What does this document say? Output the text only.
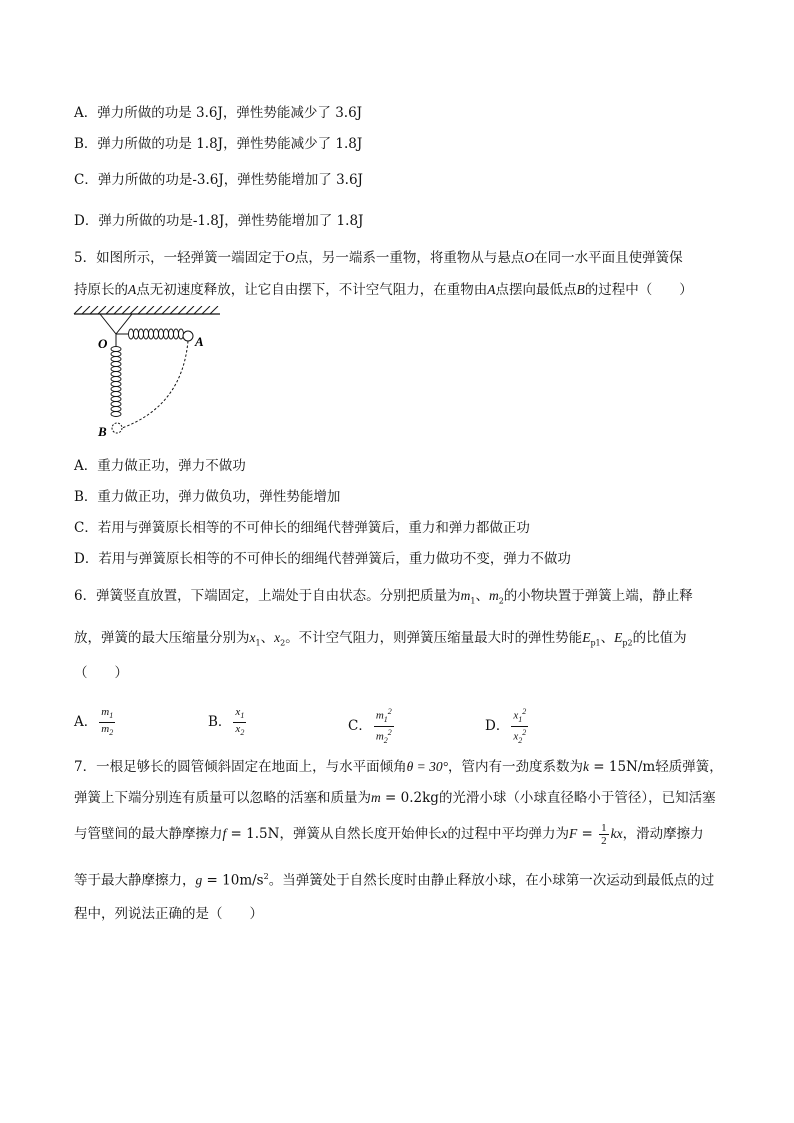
A．弹力所做的功是 3.6J，弹性势能减少了 3.6J
B．弹力所做的功是 1.8J，弹性势能减少了 1.8J
C．弹力所做的功是-3.6J，弹性势能增加了 3.6J
D．弹力所做的功是-1.8J，弹性势能增加了 1.8J
5．如图所示，一轻弹簧一端固定于O点，另一端系一重物，将重物从与悬点O在同一水平面且使弹簧保
持原长的A点无初速度释放，让它自由摆下，不计空气阻力，在重物由A点摆向最低点B的过程中（　　）
O	A
B
A．重力做正功，弹力不做功
B．重力做正功，弹力做负功，弹性势能增加
C．若用与弹簧原长相等的不可伸长的细绳代替弹簧后，重力和弹力都做正功
D．若用与弹簧原长相等的不可伸长的细绳代替弹簧后，重力做功不变，弹力不做功
6．弹簧竖直放置，下端固定，上端处于自由状态。分别把质量为$m_1$、$m_2$的小物块置于弹簧上端，静止释
放，弹簧的最大压缩量分别为$x_1$、$x_2$。不计空气阻力，则弹簧压缩量最大时的弹性势能$E_{p1}$、$E_{p2}$的比值为
（　　）
A． $\frac{m_1}{m_2}$	B． $\frac{x_1}{x_2}$	C． $\frac{m_1^2}{m_2^2}$	D． $\frac{x_1^2}{x_2^2}$
7．一根足够长的圆管倾斜固定在地面上，与水平面倾角θ = 30°，管内有一劲度系数为k = 15N/m轻质弹簧，
弹簧上下端分别连有质量可以忽略的活塞和质量为m = 0.2kg的光滑小球（小球直径略小于管径），已知活塞
与管壁间的最大静摩擦力f = 1.5N，弹簧从自然长度开始伸长x的过程中平均弹力为$F = \frac{1}{2}$ kx，滑动摩擦力
等于最大静摩擦力，$g = 10m/s^2$。当弹簧处于自然长度时由静止释放小球，在小球第一次运动到最低点的过
程中，列说法正确的是（　　）
